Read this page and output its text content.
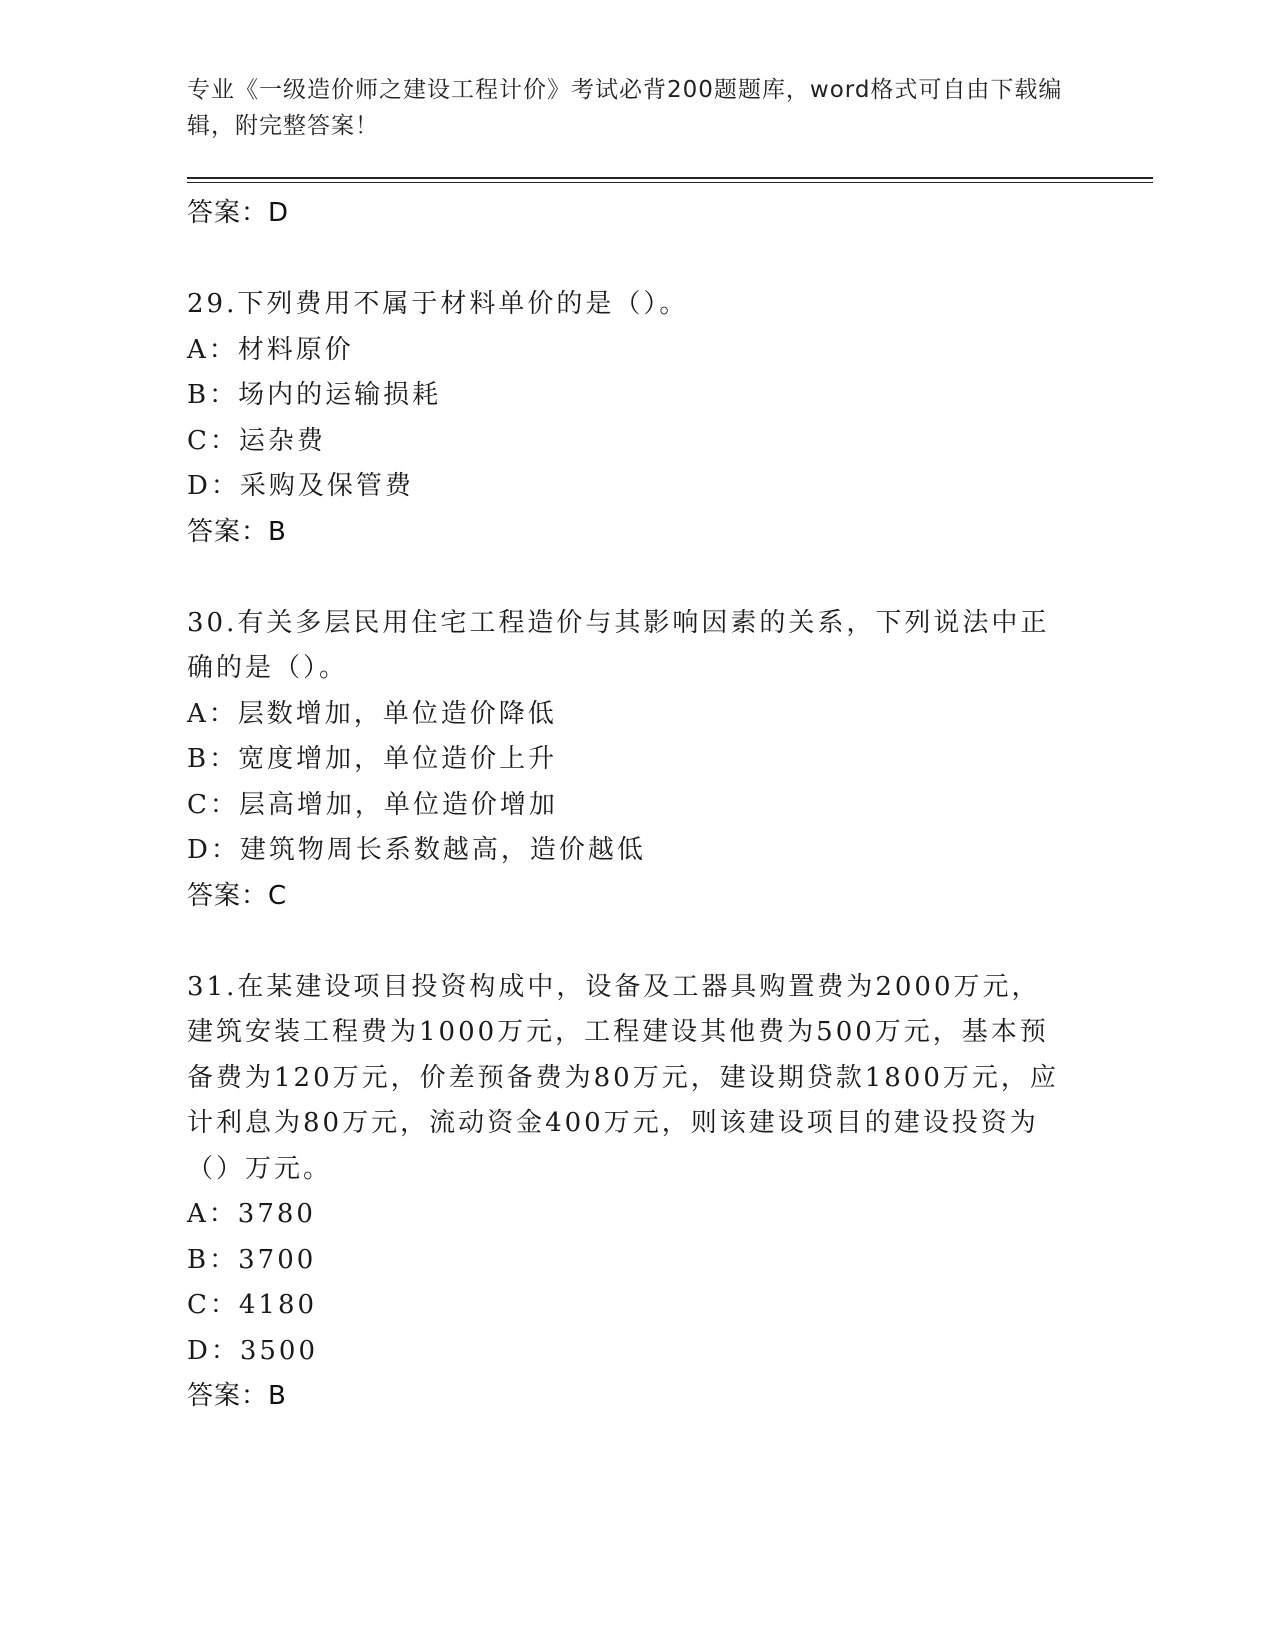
专业《一级造价师之建设工程计价》考试必背200题题库，word格式可自由下载编辑，附完整答案！
答案：D
29.下列费用不属于材料单价的是（）。
A：材料原价
B：场内的运输损耗
C：运杂费
D：采购及保管费
答案：B
30.有关多层民用住宅工程造价与其影响因素的关系，下列说法中正确的是（）。
A：层数增加，单位造价降低
B：宽度增加，单位造价上升
C：层高增加，单位造价增加
D：建筑物周长系数越高，造价越低
答案：C
31.在某建设项目投资构成中，设备及工器具购置费为2000万元，建筑安装工程费为1000万元，工程建设其他费为500万元，基本预备费为120万元，价差预备费为80万元，建设期贷款1800万元，应计利息为80万元，流动资金400万元，则该建设项目的建设投资为（）万元。
A：3780
B：3700
C：4180
D：3500
答案：B
